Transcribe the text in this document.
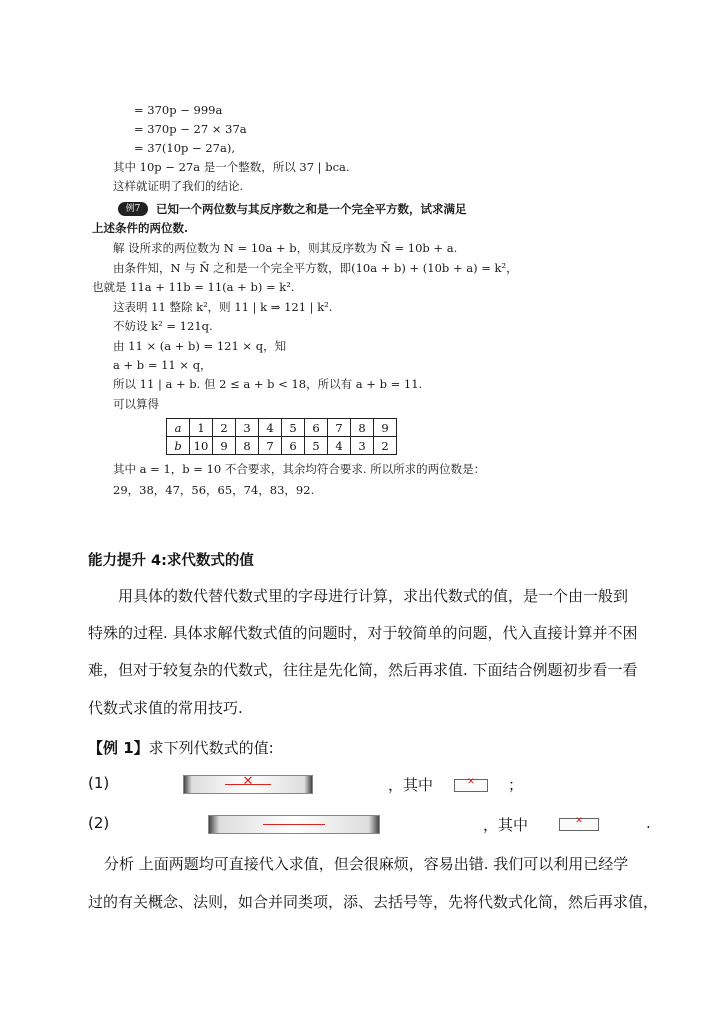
= 370p − 999a
= 370p − 27 × 37a
= 37(10p − 27a),
其中 10p − 27a 是一个整数，所以 37 | bca.
这样就证明了我们的结论.
例7	已知一个两位数与其反序数之和是一个完全平方数，试求满足
上述条件的两位数.
解 设所求的两位数为 N = 10a + b，则其反序数为 N̄ = 10b + a.
由条件知，N 与 N̄ 之和是一个完全平方数，即(10a + b) + (10b + a) = k²，
也就是 11a + 11b = 11(a + b) = k².
这表明 11 整除 k²，则 11 | k ⇒ 121 | k².
不妨设 k² = 121q.
由 11 × (a + b) = 121 × q，知
a + b = 11 × q，
所以 11 | a + b. 但 2 ≤ a + b < 18，所以有 a + b = 11.
可以算得
a	1	2	3	4	5	6	7	8	9
b	10	9	8	7	6	5	4	3	2
其中 a = 1，b = 10 不合要求，其余均符合要求. 所以所求的两位数是：
29，38，47，56，65，74，83，92.
能力提升 4:求代数式的值
用具体的数代替代数式里的字母进行计算，求出代数式的值，是一个由一般到
特殊的过程. 具体求解代数式值的问题时，对于较简单的问题，代入直接计算并不困
难，但对于较复杂的代数式，往往是先化简，然后再求值. 下面结合例题初步看一看
代数式求值的常用技巧.
【例 1】求下列代数式的值:
(1) ✕	，其中 ✕	；
(2)	，其中 ✕	.
分析 上面两题均可直接代入求值，但会很麻烦，容易出错. 我们可以利用已经学
过的有关概念、法则，如合并同类项，添、去括号等，先将代数式化简，然后再求值，
